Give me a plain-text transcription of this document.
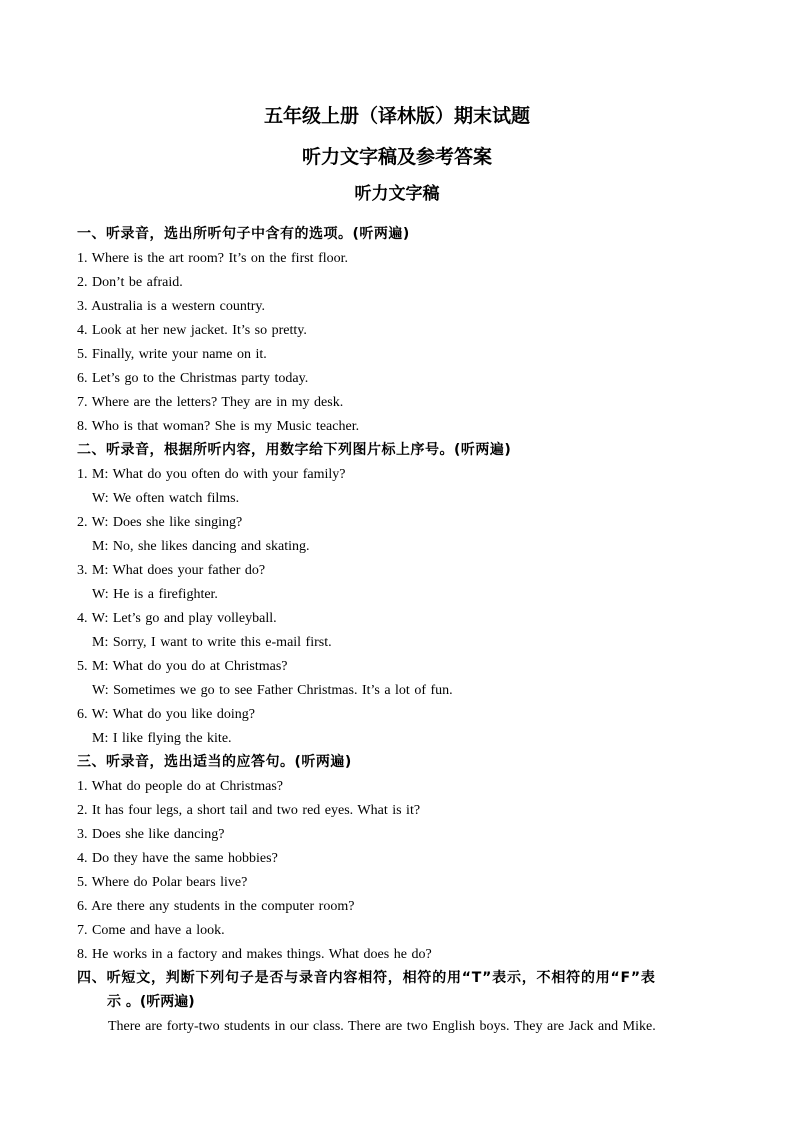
五年级上册（译林版）期末试题
听力文字稿及参考答案
听力文字稿
一、听录音，选出所听句子中含有的选项。(听两遍)
1. Where is the art room? It’s on the first floor.
2. Don’t be afraid.
3. Australia is a western country.
4. Look at her new jacket. It’s so pretty.
5. Finally, write your name on it.
6. Let’s go to the Christmas party today.
7. Where are the letters? They are in my desk.
8. Who is that woman? She is my Music teacher.
二、听录音，根据所听内容，用数字给下列图片标上序号。(听两遍)
1. M: What do you often do with your family?
W: We often watch films.
2. W: Does she like singing?
M: No, she likes dancing and skating.
3. M: What does your father do?
W: He is a firefighter.
4. W: Let’s go and play volleyball.
M: Sorry, I want to write this e-mail first.
5. M: What do you do at Christmas?
W: Sometimes we go to see Father Christmas. It’s a lot of fun.
6. W: What do you like doing?
M: I like flying the kite.
三、听录音，选出适当的应答句。(听两遍)
1. What do people do at Christmas?
2. It has four legs, a short tail and two red eyes. What is it?
3. Does she like dancing?
4. Do they have the same hobbies?
5. Where do Polar bears live?
6. Are there any students in the computer room?
7. Come and have a look.
8. He works in a factory and makes things. What does he do?
四、听短文，判断下列句子是否与录音内容相符，相符的用“T”表示，不相符的用“F”表
示 。(听两遍)
There are forty-two students in our class. There are two English boys. They are Jack and Mike.
